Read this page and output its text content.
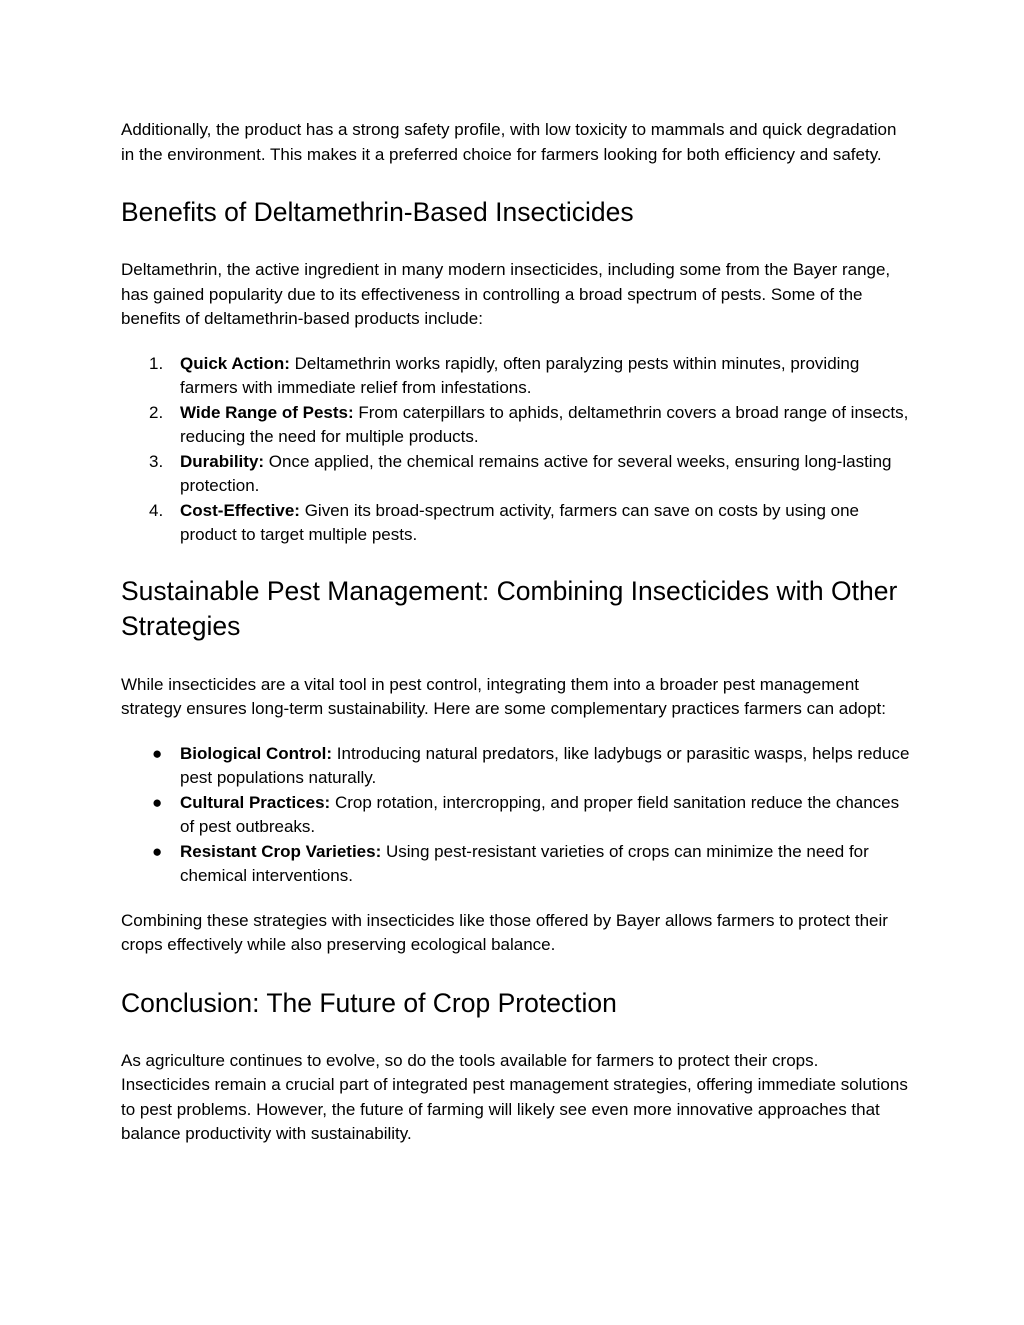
Additionally, the product has a strong safety profile, with low toxicity to mammals and quick degradation in the environment. This makes it a preferred choice for farmers looking for both efficiency and safety.

Benefits of Deltamethrin-Based Insecticides

Deltamethrin, the active ingredient in many modern insecticides, including some from the Bayer range, has gained popularity due to its effectiveness in controlling a broad spectrum of pests. Some of the benefits of deltamethrin-based products include:

1. Quick Action: Deltamethrin works rapidly, often paralyzing pests within minutes, providing farmers with immediate relief from infestations.
2. Wide Range of Pests: From caterpillars to aphids, deltamethrin covers a broad range of insects, reducing the need for multiple products.
3. Durability: Once applied, the chemical remains active for several weeks, ensuring long-lasting protection.
4. Cost-Effective: Given its broad-spectrum activity, farmers can save on costs by using one product to target multiple pests.
Sustainable Pest Management: Combining Insecticides with Other Strategies

While insecticides are a vital tool in pest control, integrating them into a broader pest management strategy ensures long-term sustainability. Here are some complementary practices farmers can adopt:

● Biological Control: Introducing natural predators, like ladybugs or parasitic wasps, helps reduce pest populations naturally.
● Cultural Practices: Crop rotation, intercropping, and proper field sanitation reduce the chances of pest outbreaks.
● Resistant Crop Varieties: Using pest-resistant varieties of crops can minimize the need for chemical interventions.

Combining these strategies with insecticides like those offered by Bayer allows farmers to protect their crops effectively while also preserving ecological balance.

Conclusion: The Future of Crop Protection

As agriculture continues to evolve, so do the tools available for farmers to protect their crops. Insecticides remain a crucial part of integrated pest management strategies, offering immediate solutions to pest problems. However, the future of farming will likely see even more innovative approaches that balance productivity with sustainability.
